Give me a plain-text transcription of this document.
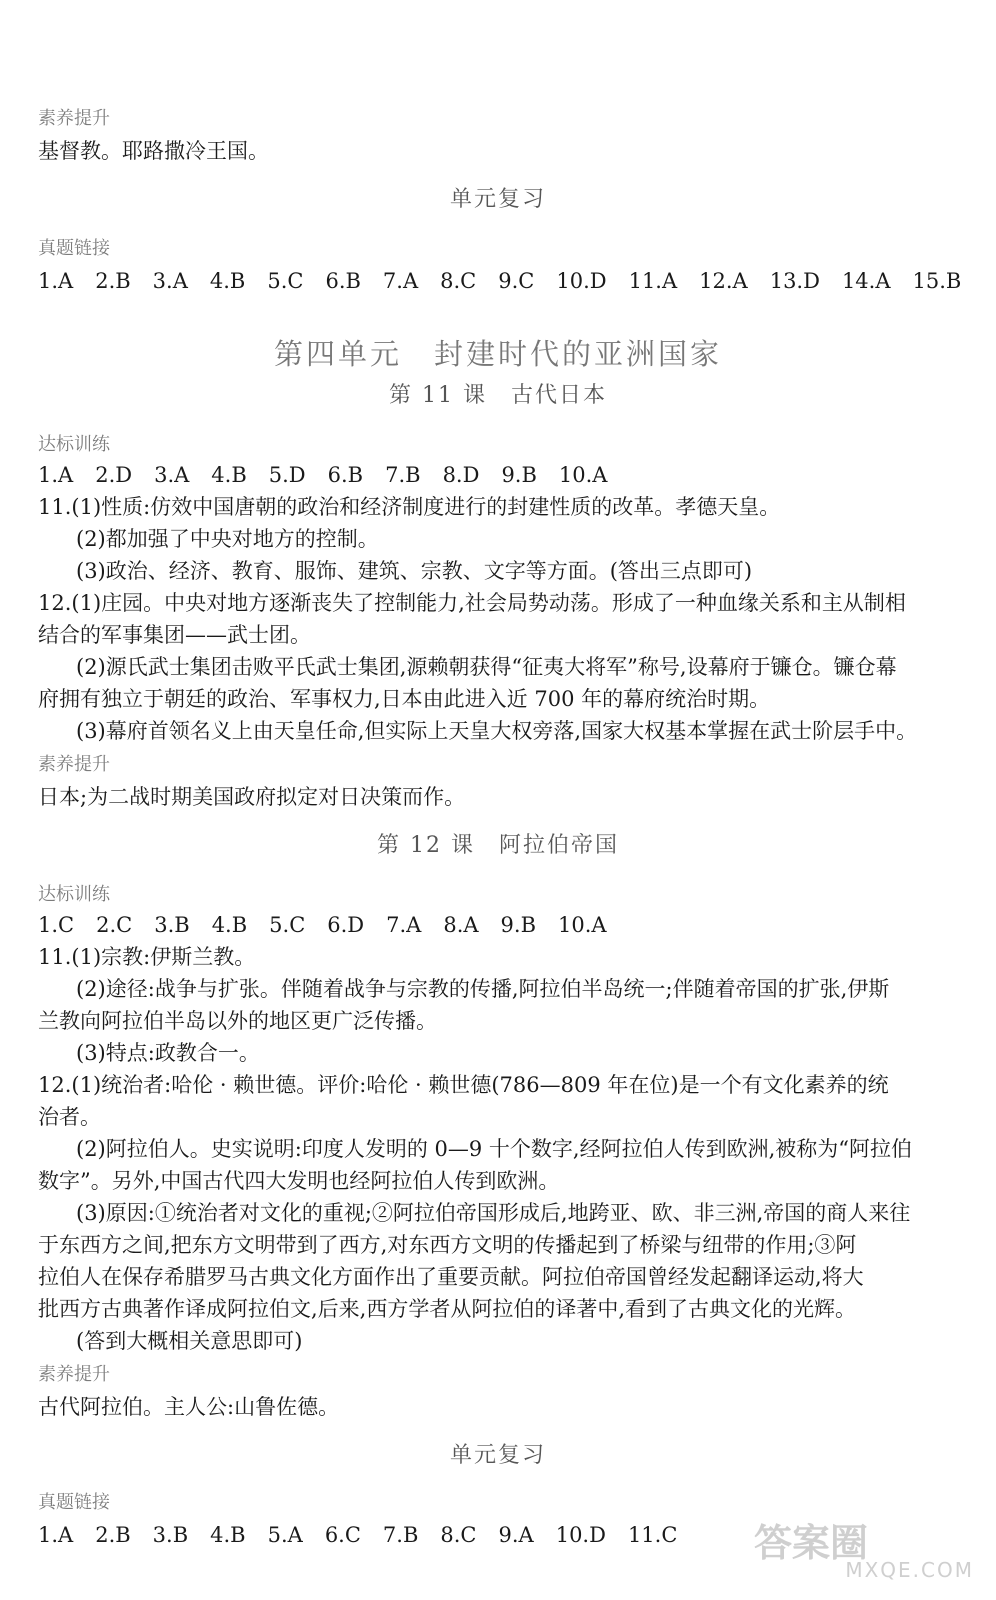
素养提升
基督教。耶路撒冷王国。
单元复习
真题链接
1.A 2.B 3.A 4.B 5.C 6.B 7.A 8.C 9.C 10.D 11.A 12.A 13.D 14.A 15.B
第四单元　封建时代的亚洲国家
第 11 课　古代日本
达标训练
1.A 2.D 3.A 4.B 5.D 6.B 7.B 8.D 9.B 10.A
11.(1)性质:仿效中国唐朝的政治和经济制度进行的封建性质的改革。孝德天皇。
(2)都加强了中央对地方的控制。
(3)政治、经济、教育、服饰、建筑、宗教、文字等方面。(答出三点即可)
12.(1)庄园。中央对地方逐渐丧失了控制能力,社会局势动荡。形成了一种血缘关系和主从制相
结合的军事集团——武士团。
(2)源氏武士集团击败平氏武士集团,源赖朝获得“征夷大将军”称号,设幕府于镰仓。镰仓幕
府拥有独立于朝廷的政治、军事权力,日本由此进入近 700 年的幕府统治时期。
(3)幕府首领名义上由天皇任命,但实际上天皇大权旁落,国家大权基本掌握在武士阶层手中。
素养提升
日本;为二战时期美国政府拟定对日决策而作。
第 12 课　阿拉伯帝国
达标训练
1.C 2.C 3.B 4.B 5.C 6.D 7.A 8.A 9.B 10.A
11.(1)宗教:伊斯兰教。
(2)途径:战争与扩张。伴随着战争与宗教的传播,阿拉伯半岛统一;伴随着帝国的扩张,伊斯
兰教向阿拉伯半岛以外的地区更广泛传播。
(3)特点:政教合一。
12.(1)统治者:哈伦 · 赖世德。评价:哈伦 · 赖世德(786—809 年在位)是一个有文化素养的统
治者。
(2)阿拉伯人。史实说明:印度人发明的 0—9 十个数字,经阿拉伯人传到欧洲,被称为“阿拉伯
数字”。另外,中国古代四大发明也经阿拉伯人传到欧洲。
(3)原因:①统治者对文化的重视;②阿拉伯帝国形成后,地跨亚、欧、非三洲,帝国的商人来往
于东西方之间,把东方文明带到了西方,对东西方文明的传播起到了桥梁与纽带的作用;③阿
拉伯人在保存希腊罗马古典文化方面作出了重要贡献。阿拉伯帝国曾经发起翻译运动,将大
批西方古典著作译成阿拉伯文,后来,西方学者从阿拉伯的译著中,看到了古典文化的光辉。
(答到大概相关意思即可)
素养提升
古代阿拉伯。主人公:山鲁佐德。
单元复习
真题链接
1.A 2.B 3.B 4.B 5.A 6.C 7.B 8.C 9.A 10.D 11.C	答案圈
MXQE.COM
